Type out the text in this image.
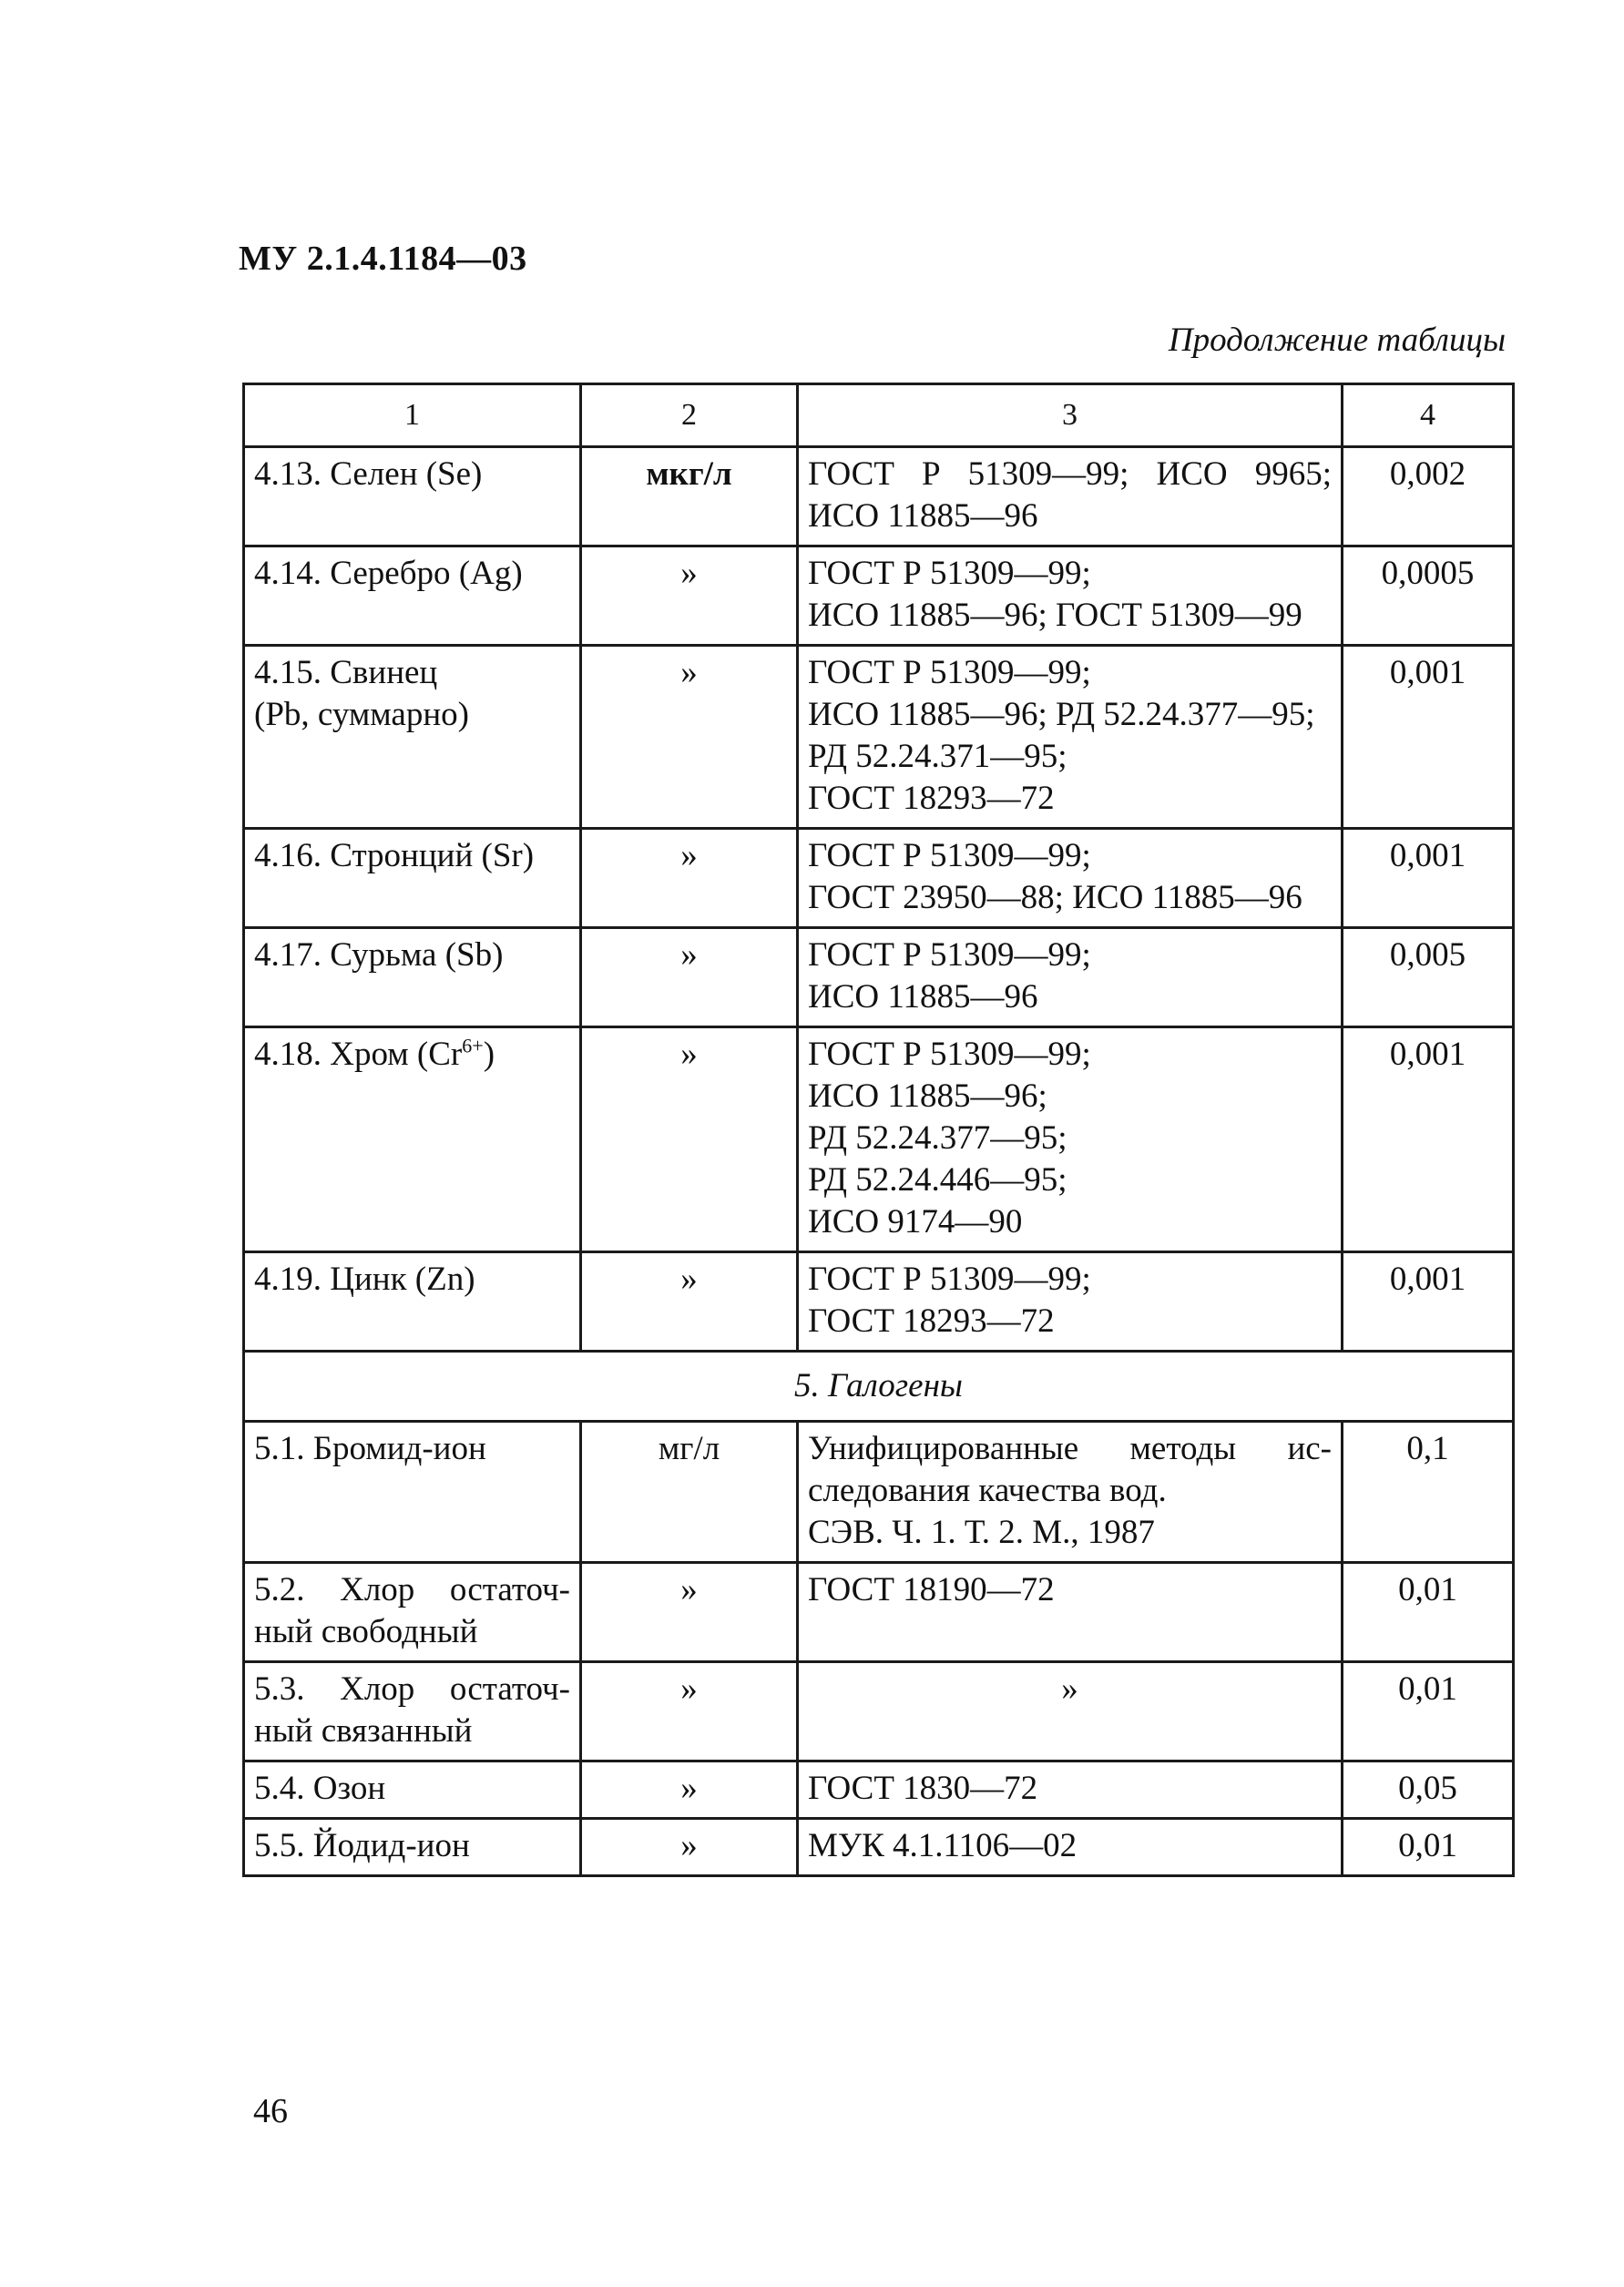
МУ 2.1.4.1184—03
Продолжение таблицы
1	2	3	4

4.13. Селен (Se)	мкг/л	ГОСТ Р 51309—99; ИСО 9965;
ИСО 11885—96	0,002

4.14. Серебро (Ag)	»	ГОСТ Р 51309—99;
ИСО 11885—96; ГОСТ 51309—99	0,0005

4.15. Свинец
(Pb, суммарно)	»	ГОСТ Р 51309—99;
ИСО 11885—96; РД 52.24.377—95;
РД 52.24.371—95;
ГОСТ 18293—72	0,001

4.16. Стронций (Sr)	»	ГОСТ Р 51309—99;
ГОСТ 23950—88; ИСО 11885—96	0,001

4.17. Сурьма (Sb)	»	ГОСТ Р 51309—99;
ИСО 11885—96	0,005
4.18. Хром $(Cr^{6+})$	»	ГОСТ Р 51309—99;
ИСО 11885—96;
РД 52.24.377—95;
РД 52.24.446—95;
ИСО 9174—90	0,001

4.19. Цинк (Zn)	»	ГОСТ Р 51309—99;
ГОСТ 18293—72	0,001
5. Галогены			

5.1. Бромид-ион	мг/л	Унифицированные методы ис-
следования качества вод.
СЭВ. Ч. 1. Т. 2. М., 1987	0,1

5.2. Хлор остаточ-
ный свободный	»	ГОСТ 18190—72	0,01

5.3. Хлор остаточ-
ный связанный	»	»	0,01

5.4. Озон	»	ГОСТ 1830—72	0,05

5.5. Йодид-ион	»	МУК 4.1.1106—02	0,01
46
